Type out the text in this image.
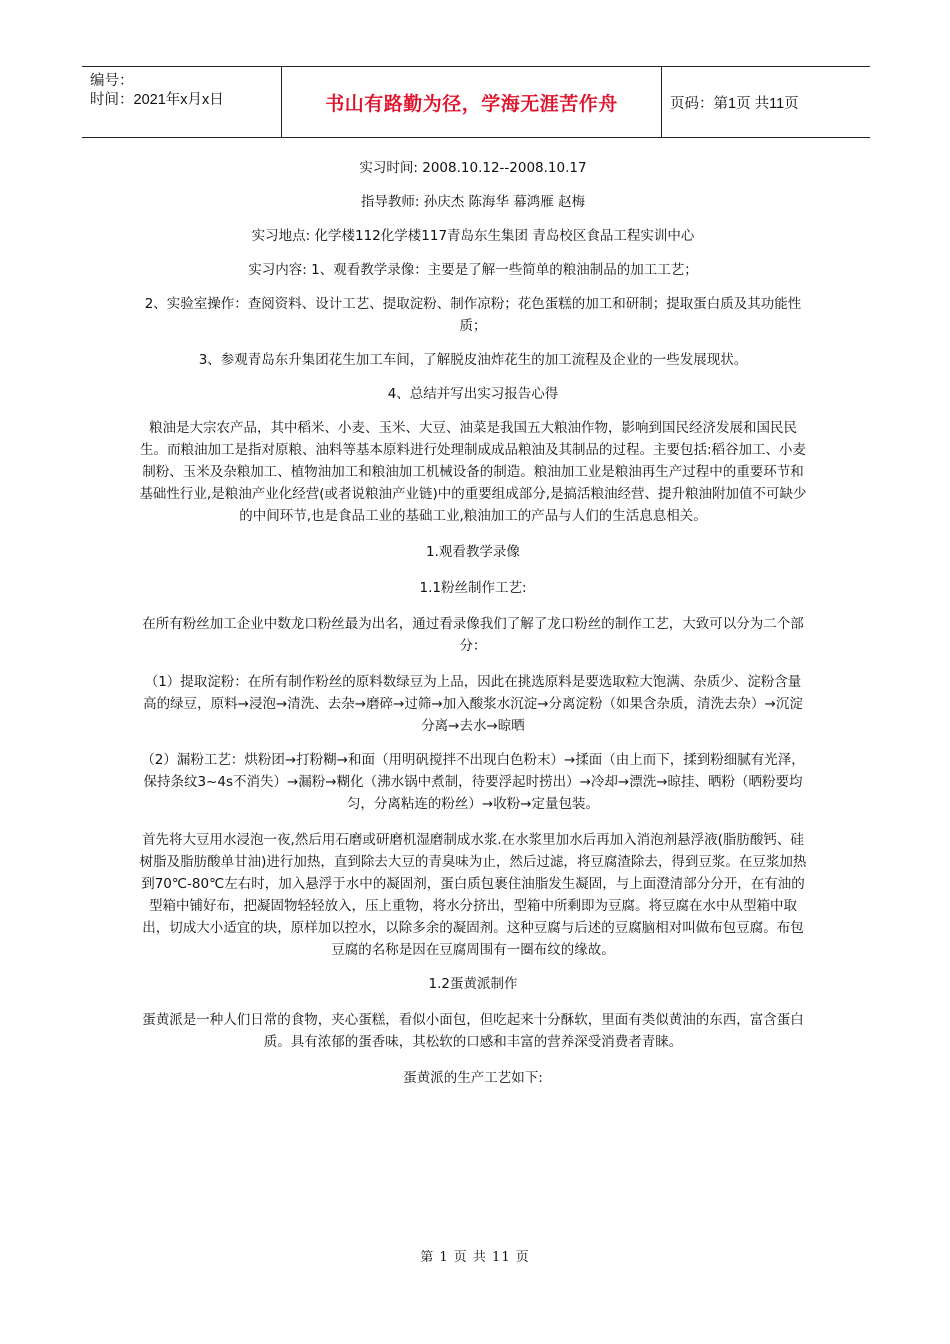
编号：
时间：2021年x月x日	书山有路勤为径，学海无涯苦作舟	页码：第1页 共11页

实习时间: 2008.10.12--2008.10.17

指导教师: 孙庆杰 陈海华 幕鸿雁 赵梅

实习地点: 化学楼112化学楼117青岛东生集团 青岛校区食品工程实训中心

实习内容: 1、观看教学录像：主要是了解一些简单的粮油制品的加工工艺；

2、实验室操作：查阅资料、设计工艺、提取淀粉、制作凉粉；花色蛋糕的加工和研制；提取蛋白质及其功能性质；

3、参观青岛东升集团花生加工车间，了解脱皮油炸花生的加工流程及企业的一些发展现状。

4、总结并写出实习报告心得

粮油是大宗农产品，其中稻米、小麦、玉米、大豆、油菜是我国五大粮油作物，影响到国民经济发展和国民民生。而粮油加工是指对原粮、油料等基本原料进行处理制成成品粮油及其制品的过程。主要包括:稻谷加工、小麦制粉、玉米及杂粮加工、植物油加工和粮油加工机械设备的制造。粮油加工业是粮油再生产过程中的重要环节和基础性行业,是粮油产业化经营(或者说粮油产业链)中的重要组成部分,是搞活粮油经营、提升粮油附加值不可缺少的中间环节,也是食品工业的基础工业,粮油加工的产品与人们的生活息息相关。

1.观看教学录像

1.1粉丝制作工艺:

在所有粉丝加工企业中数龙口粉丝最为出名，通过看录像我们了解了龙口粉丝的制作工艺，大致可以分为二个部分：

（1）提取淀粉：在所有制作粉丝的原料数绿豆为上品，因此在挑选原料是要选取粒大饱满、杂质少、淀粉含量高的绿豆，原料→浸泡→清洗、去杂→磨碎→过筛→加入酸浆水沉淀→分离淀粉（如果含杂质，清洗去杂）→沉淀分离→去水→晾晒

（2）漏粉工艺：烘粉团→打粉糊→和面（用明矾搅拌不出现白色粉末）→揉面（由上而下，揉到粉细腻有光泽，保持条纹3~4s不消失）→漏粉→糊化（沸水锅中煮制，待要浮起时捞出）→冷却→漂洗→晾挂、晒粉（晒粉要均匀，分离粘连的粉丝）→收粉→定量包装。

首先将大豆用水浸泡一夜,然后用石磨或研磨机湿磨制成水浆.在水浆里加水后再加入消泡剂悬浮液(脂肪酸钙、硅树脂及脂肪酸单甘油)进行加热，直到除去大豆的青臭味为止，然后过滤，将豆腐渣除去，得到豆浆。在豆浆加热到70℃-80℃左右时，加入悬浮于水中的凝固剂，蛋白质包裹住油脂发生凝固，与上面澄清部分分开，在有油的型箱中铺好布，把凝固物轻轻放入，压上重物，将水分挤出，型箱中所剩即为豆腐。将豆腐在水中从型箱中取出，切成大小适宜的块，原样加以控水，以除多余的凝固剂。这种豆腐与后述的豆腐脑相对叫做布包豆腐。布包豆腐的名称是因在豆腐周围有一圈布纹的缘故。

1.2蛋黄派制作

蛋黄派是一种人们日常的食物，夹心蛋糕，看似小面包，但吃起来十分酥软，里面有类似黄油的东西，富含蛋白质。具有浓郁的蛋香味，其松软的口感和丰富的营养深受消费者青睐。

蛋黄派的生产工艺如下:

第 1 页 共 11 页
